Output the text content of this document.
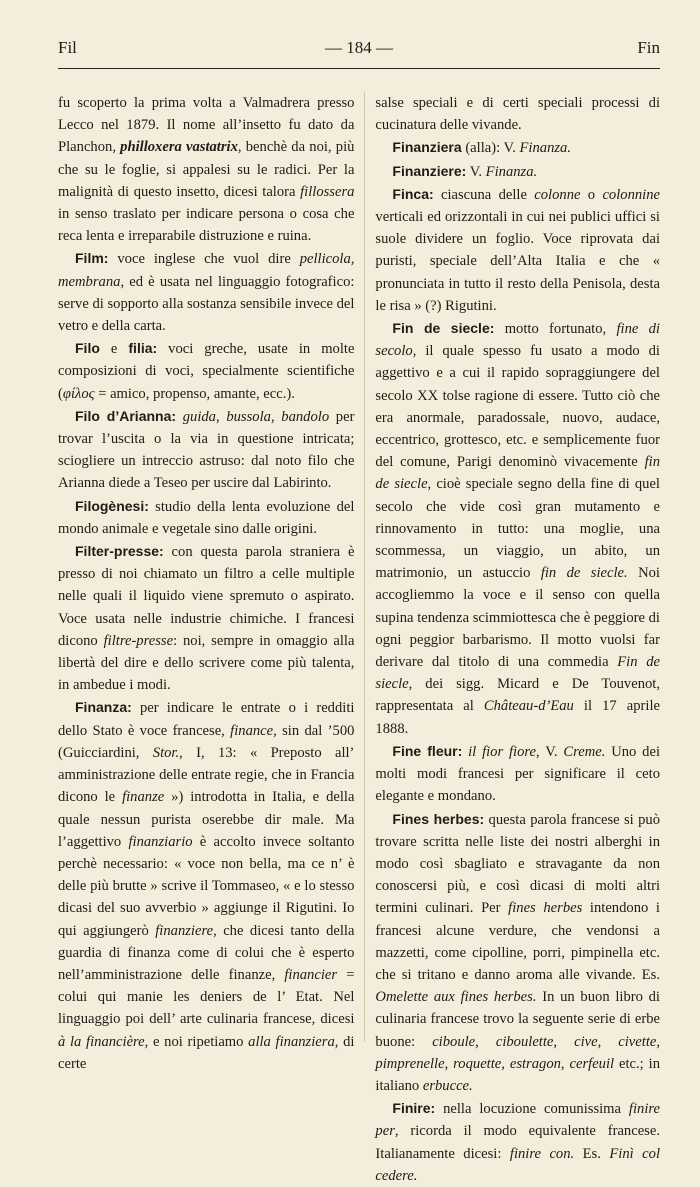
Fil	— 184 —	Fin

fu scoperto la prima volta a Valmadrera presso Lecco nel 1879. Il nome all’insetto fu dato da Planchon, philloxera vastatrix, benchè da noi, più che su le foglie, si appalesi su le radici. Per la malignità di questo insetto, dicesi talora fillossera in senso traslato per indicare persona o cosa che reca lenta e irreparabile distruzione e ruina.

Film: voce inglese che vuol dire pellicola, membrana, ed è usata nel linguaggio fotografico: serve di sopporto alla sostanza sensibile invece del vetro e della carta.

Filo e filia: voci greche, usate in molte composizioni di voci, specialmente scientifiche (φίλος = amico, propenso, amante, ecc.).

Filo d’Arianna: guida, bussola, bandolo per trovar l’uscita o la via in questione intricata; sciogliere un intreccio astruso: dal noto filo che Arianna diede a Teseo per uscire dal Labirinto.

Filogènesi: studio della lenta evoluzione del mondo animale e vegetale sino dalle origini.

Filter-presse: con questa parola straniera è presso di noi chiamato un filtro a celle multiple nelle quali il liquido viene spremuto o aspirato. Voce usata nelle industrie chimiche. I francesi dicono filtre-presse: noi, sempre in omaggio alla libertà del dire e dello scrivere come più talenta, in ambedue i modi.

Finanza: per indicare le entrate o i redditi dello Stato è voce francese, finance, sin dal ’500 (Guicciardini, Stor., I, 13: « Preposto all’ amministrazione delle entrate regie, che in Francia dicono le finanze ») introdotta in Italia, e della quale nessun purista oserebbe dir male. Ma l’aggettivo finanziario è accolto invece soltanto perchè necessario: « voce non bella, ma ce n’ è delle più brutte » scrive il Tommaseo, « e lo stesso dicasi del suo avverbio » aggiunge il Rigutini. Io qui aggiungerò finanziere, che dicesi tanto della guardia di finanza come di colui che è esperto nell’amministrazione delle finanze, financier = colui qui manie les deniers de l’ Etat. Nel linguaggio poi dell’ arte culinaria francese, dicesi à la financière, e noi ripetiamo alla finanziera, di certe

salse speciali e di certi speciali processi di cucinatura delle vivande.

Finanziera (alla): V. Finanza.

Finanziere: V. Finanza.

Finca: ciascuna delle colonne o colonnine verticali ed orizzontali in cui nei publici uffici si suole dividere un foglio. Voce riprovata dai puristi, speciale dell’Alta Italia e che « pronunciata in tutto il resto della Penisola, desta le risa » (?) Rigutini.

Fin de siecle: motto fortunato, fine di secolo, il quale spesso fu usato a modo di aggettivo e a cui il rapido sopraggiungere del secolo XX tolse ragione di essere. Tutto ciò che era anormale, paradossale, nuovo, audace, eccentrico, grottesco, etc. e semplicemente fuor del comune, Parigi denominò vivacemente fin de siecle, cioè speciale segno della fine di quel secolo che vide così gran mutamento e rinnovamento in tutto: una moglie, una scommessa, un viaggio, un abito, un matrimonio, un astuccio fin de siecle. Noi accogliemmo la voce e il senso con quella supina tendenza scimmiottesca che è peggiore di ogni peggior barbarismo. Il motto vuolsi far derivare dal titolo di una commedia Fin de siecle, dei sigg. Micard e De Touvenot, rappresentata al Château-d’Eau il 17 aprile 1888.

Fine fleur: il fior fiore, V. Creme. Uno dei molti modi francesi per significare il ceto elegante e mondano.

Fines herbes: questa parola francese si può trovare scritta nelle liste dei nostri alberghi in modo così sbagliato e stravagante da non conoscersi più, e così dicasi di molti altri termini culinari. Per fines herbes intendono i francesi alcune verdure, che vendonsi a mazzetti, come cipolline, porri, pimpinella etc. che si tritano e danno aroma alle vivande. Es. Omelette aux fines herbes. In un buon libro di culinaria francese trovo la seguente serie di erbe buone: ciboule, ciboulette, cive, civette, pimprenelle, roquette, estragon, cerfeuil etc.; in italiano erbucce.

Finire: nella locuzione comunissima finire per, ricorda il modo equivalente francese. Italianamente dicesi: finire con. Es. Finì col cedere.
